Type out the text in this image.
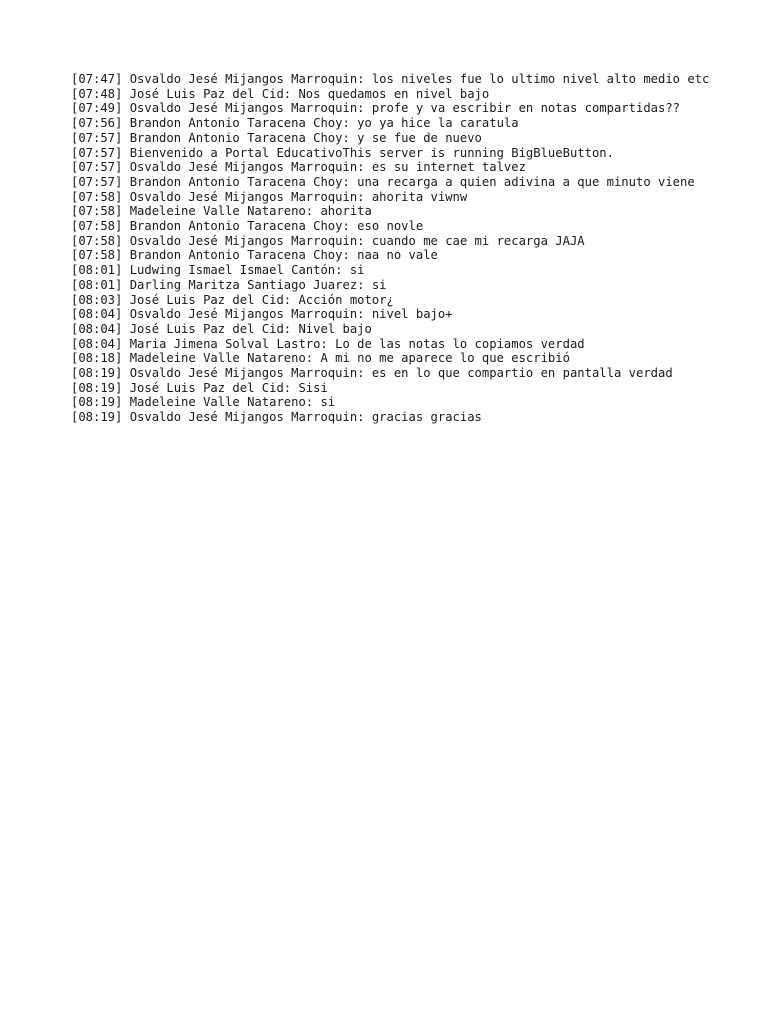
[07:47] Osvaldo Jesé Mijangos Marroquin: los niveles fue lo ultimo nivel alto medio etc

[07:48] José Luis Paz del Cid: Nos quedamos en nivel bajo

[07:49] Osvaldo Jesé Mijangos Marroquin: profe y va escribir en notas compartidas??

[07:56] Brandon Antonio Taracena Choy: yo ya hice la caratula

[07:57] Brandon Antonio Taracena Choy: y se fue de nuevo

[07:57] Bienvenido a Portal EducativoThis server is running BigBlueButton.

[07:57] Osvaldo Jesé Mijangos Marroquin: es su internet talvez

[07:57] Brandon Antonio Taracena Choy: una recarga a quien adivina a que minuto viene

[07:58] Osvaldo Jesé Mijangos Marroquin: ahorita viwnw

[07:58] Madeleine Valle Natareno: ahorita

[07:58] Brandon Antonio Taracena Choy: eso novle

[07:58] Osvaldo Jesé Mijangos Marroquin: cuando me cae mi recarga JAJA

[07:58] Brandon Antonio Taracena Choy: naa no vale

[08:01] Ludwing Ismael Ismael Cantón: si

[08:01] Darling Maritza Santiago Juarez: si

[08:03] José Luis Paz del Cid: Acción motor¿

[08:04] Osvaldo Jesé Mijangos Marroquin: nivel bajo+

[08:04] José Luis Paz del Cid: Nivel bajo

[08:04] Maria Jimena Solval Lastro: Lo de las notas lo copiamos verdad

[08:18] Madeleine Valle Natareno: A mi no me aparece lo que escribió

[08:19] Osvaldo Jesé Mijangos Marroquin: es en lo que compartio en pantalla verdad

[08:19] José Luis Paz del Cid: Sisi

[08:19] Madeleine Valle Natareno: si

[08:19] Osvaldo Jesé Mijangos Marroquin: gracias gracias
